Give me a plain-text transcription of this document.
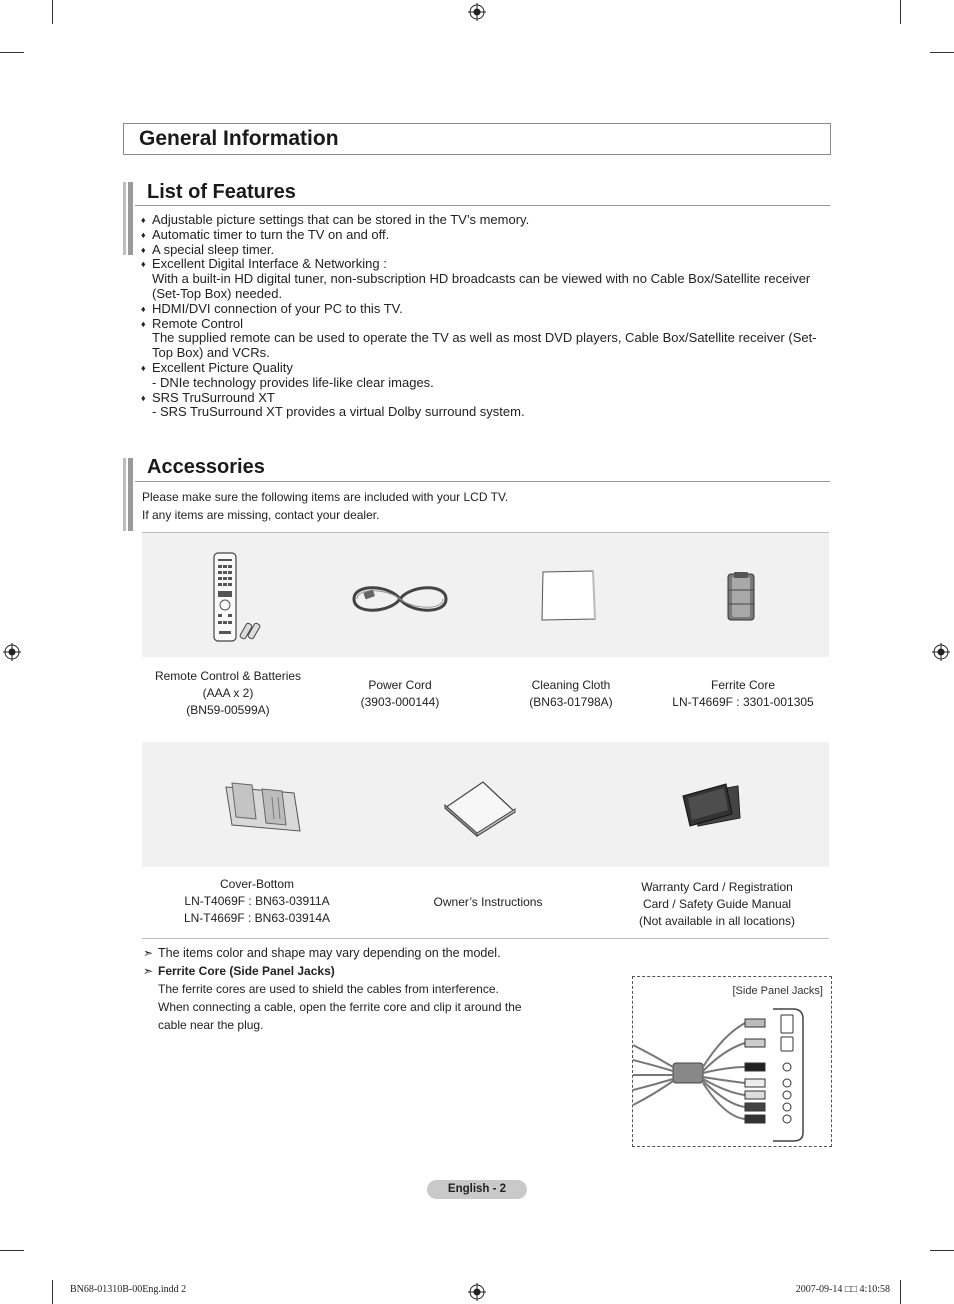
General Information
List of Features
♦ Adjustable picture settings that can be stored in the TV’s memory.
♦ Automatic timer to turn the TV on and off.
♦ A special sleep timer.
♦ Excellent Digital Interface & Networking :
With a built-in HD digital tuner, non-subscription HD broadcasts can be viewed with no Cable Box/Satellite receiver (Set-Top Box) needed.
♦ HDMI/DVI connection of your PC to this TV.
♦ Remote Control
The supplied remote can be used to operate the TV as well as most DVD players, Cable Box/Satellite receiver (Set-Top Box) and VCRs.
♦ Excellent Picture Quality
- DNIe technology provides life-like clear images.
♦ SRS TruSurround XT
- SRS TruSurround XT provides a virtual Dolby surround system.
Accessories
Please make sure the following items are included with your LCD TV.
If any items are missing, contact your dealer.
Remote Control & Batteries
(AAA x 2)
(BN59-00599A)
Power Cord
(3903-000144)
Cleaning Cloth
(BN63-01798A)
Ferrite Core
LN-T4669F : 3301-001305
Cover-Bottom
LN-T4069F : BN63-03911A
LN-T4669F : BN63-03914A
Owner’s Instructions
Warranty Card / Registration
Card / Safety Guide Manual
(Not available in all locations)
➣ The items color and shape may vary depending on the model.
➣ Ferrite Core (Side Panel Jacks)
The ferrite cores are used to shield the cables from interference.
When connecting a cable, open the ferrite core and clip it around the
cable near the plug.
[Side Panel Jacks]
English - 2
BN68-01310B-00Eng.indd 2	2007-09-14 □□ 4:10:58
